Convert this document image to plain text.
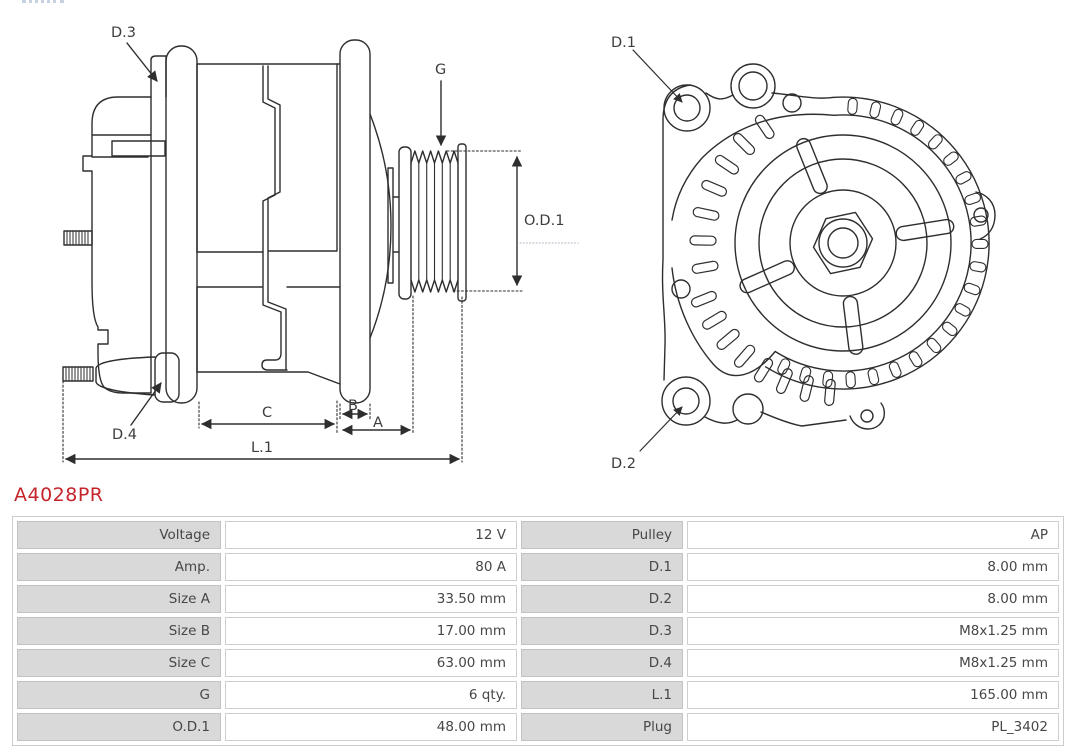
D.3
G
O.D.1
C	B
A
L.1
D.4
D.1
D.2
A4028PR
Voltage	12 V	Pulley	AP
Amp.	80 A	D.1	8.00 mm
Size A	33.50 mm	D.2	8.00 mm
Size B	17.00 mm	D.3	M8x1.25 mm
Size C	63.00 mm	D.4	M8x1.25 mm
G	6 qty.	L.1	165.00 mm
O.D.1	48.00 mm	Plug	PL_3402
